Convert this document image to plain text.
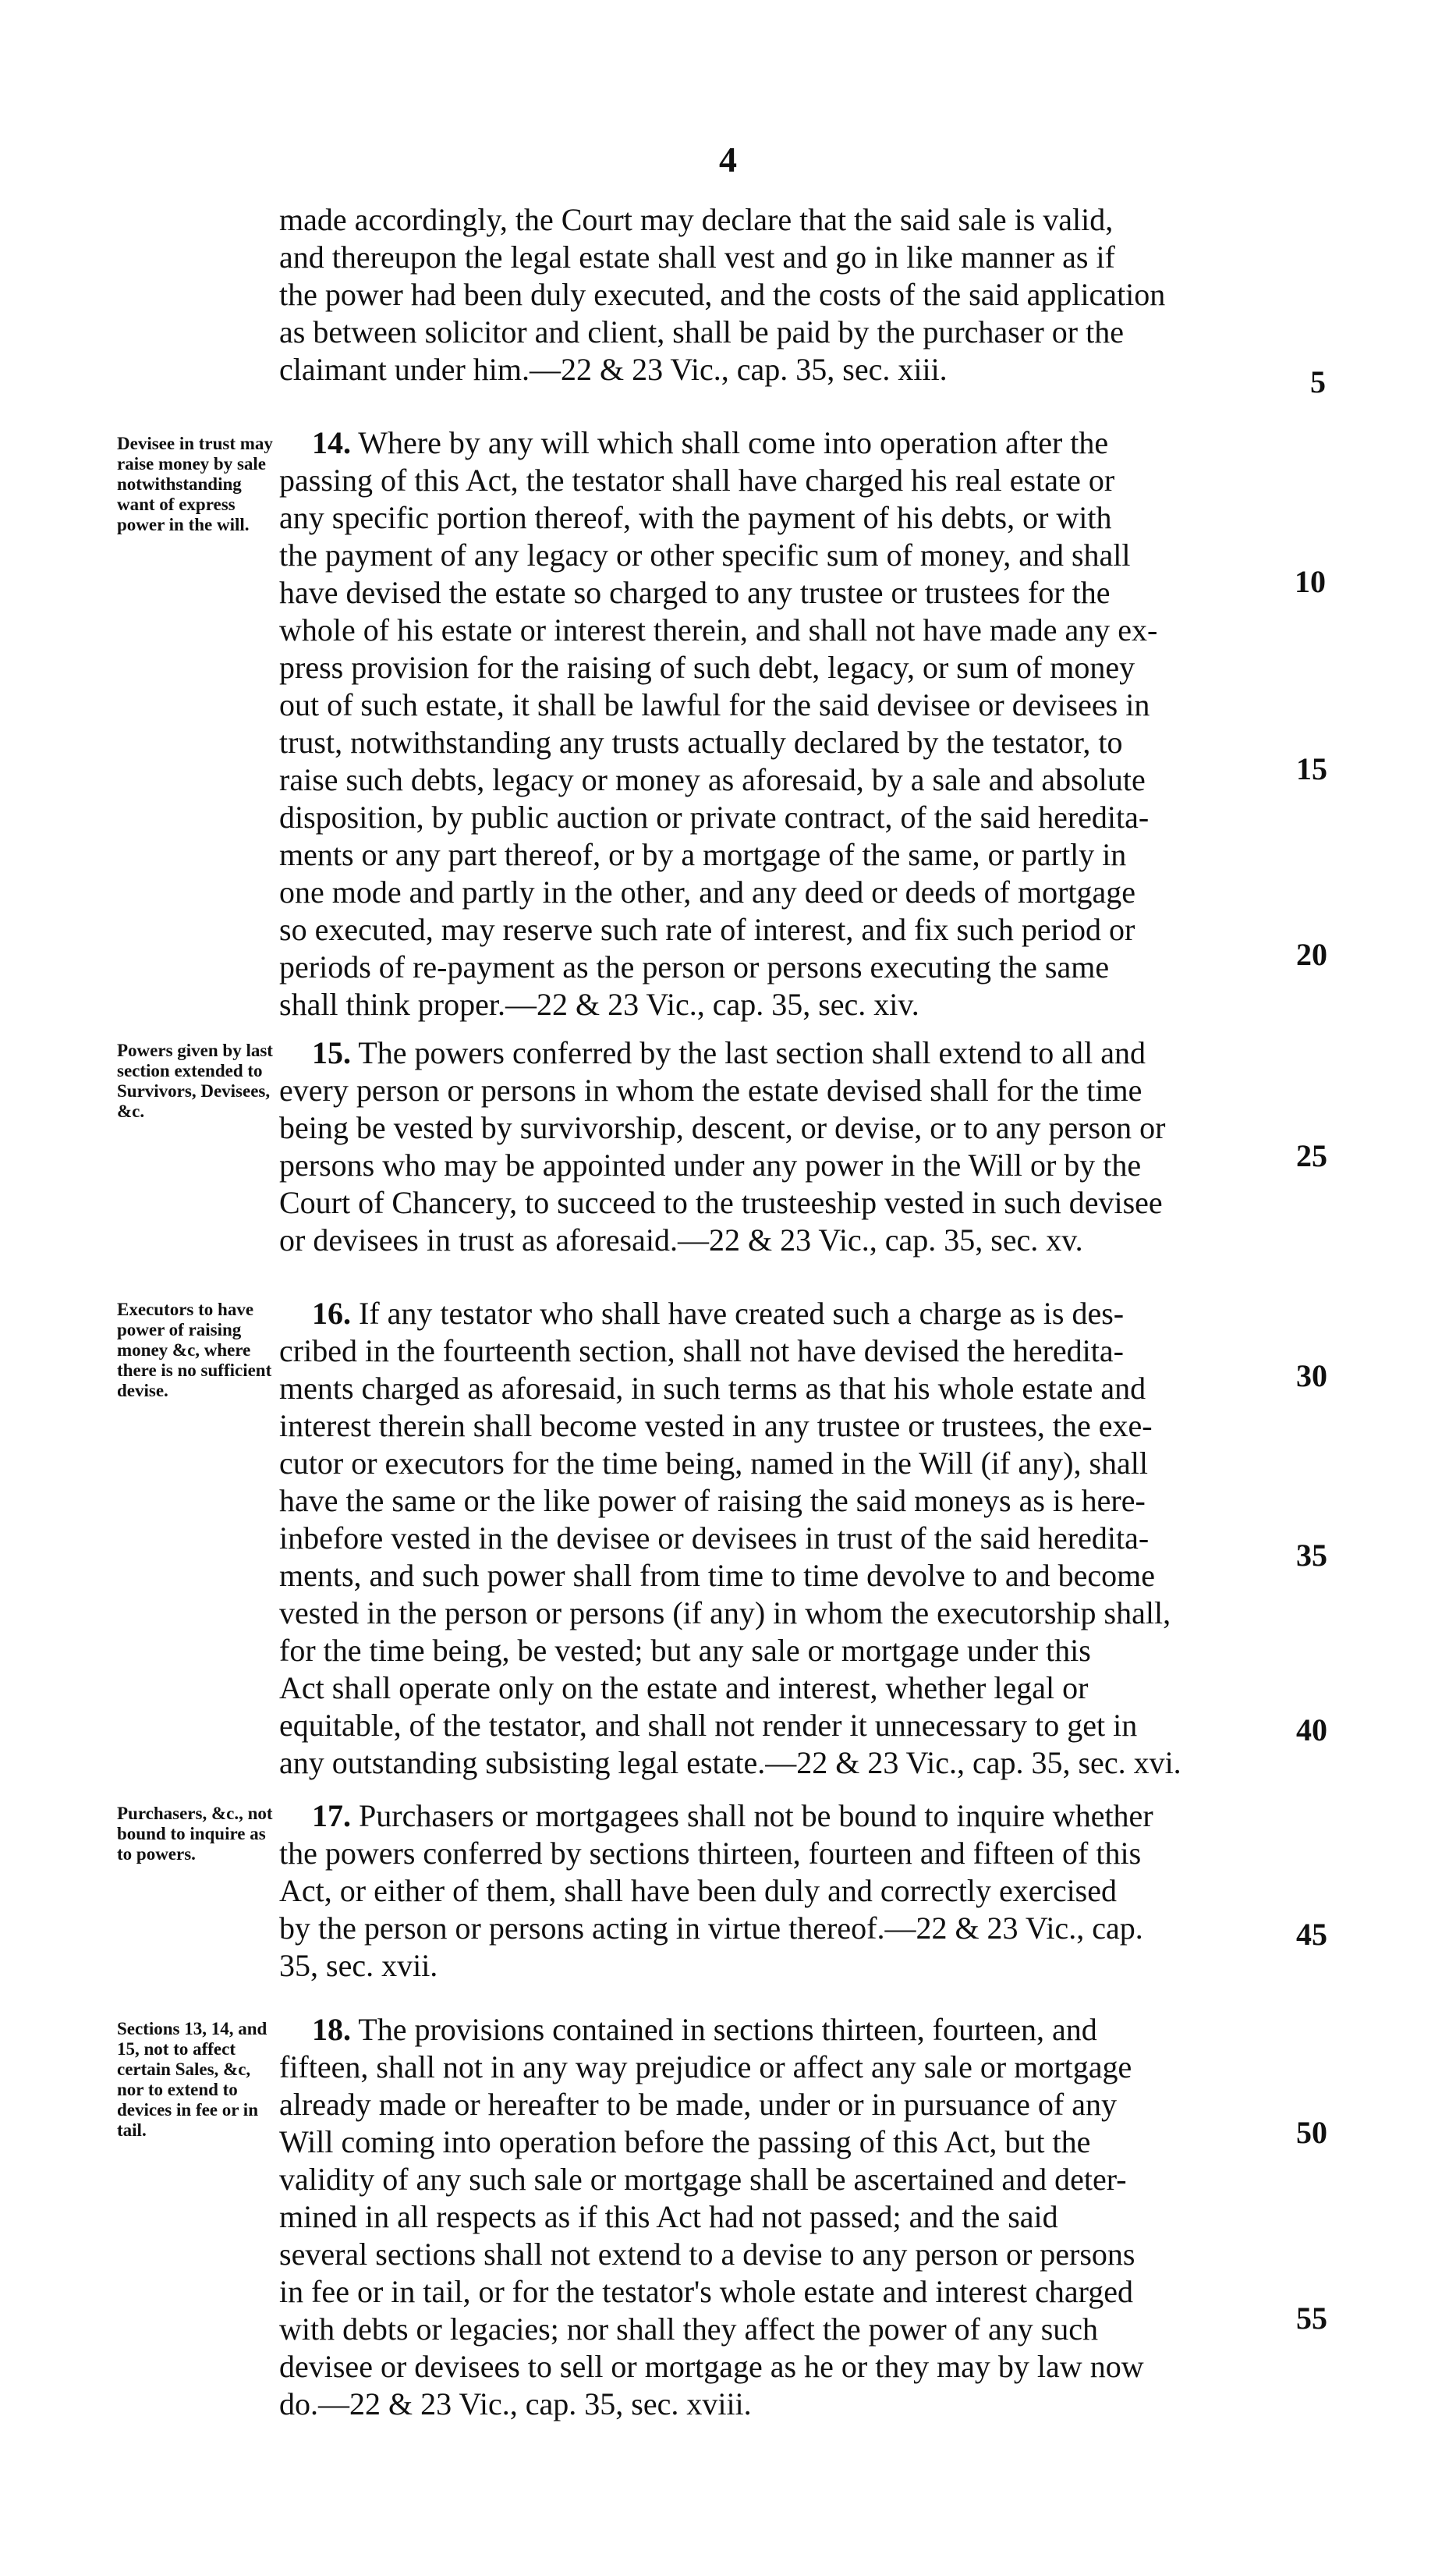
4
made accordingly, the Court may declare that the said sale is valid,
and thereupon the legal estate shall vest and go in like manner as if
the power had been duly executed, and the costs of the said application
as between solicitor and client, shall be paid by the purchaser or the
claimant under him.—22 & 23 Vic., cap. 35, sec. xiii.	5
10
15
20
25
30
35
40
45
50
55
Devisee in trust may raise money by sale notwithstanding want of express power in the will.
14. Where by any will which shall come into operation after the
passing of this Act, the testator shall have charged his real estate or
any specific portion thereof, with the payment of his debts, or with
the payment of any legacy or other specific sum of money, and shall
have devised the estate so charged to any trustee or trustees for the
whole of his estate or interest therein, and shall not have made any ex-
press provision for the raising of such debt, legacy, or sum of money
out of such estate, it shall be lawful for the said devisee or devisees in
trust, notwithstanding any trusts actually declared by the testator, to
raise such debts, legacy or money as aforesaid, by a sale and absolute
disposition, by public auction or private contract, of the said heredita-
ments or any part thereof, or by a mortgage of the same, or partly in
one mode and partly in the other, and any deed or deeds of mortgage
so executed, may reserve such rate of interest, and fix such period or
periods of re-payment as the person or persons executing the same
shall think proper.—22 & 23 Vic., cap. 35, sec. xiv.
Powers given by last section extended to Survivors, Devisees, &c.
15. The powers conferred by the last section shall extend to all and
every person or persons in whom the estate devised shall for the time
being be vested by survivorship, descent, or devise, or to any person or
persons who may be appointed under any power in the Will or by the
Court of Chancery, to succeed to the trusteeship vested in such devisee
or devisees in trust as aforesaid.—22 & 23 Vic., cap. 35, sec. xv.
Executors to have power of raising money &c, where there is no sufficient devise.
16. If any testator who shall have created such a charge as is des-
cribed in the fourteenth section, shall not have devised the heredita-
ments charged as aforesaid, in such terms as that his whole estate and
interest therein shall become vested in any trustee or trustees, the exe-
cutor or executors for the time being, named in the Will (if any), shall
have the same or the like power of raising the said moneys as is here-
inbefore vested in the devisee or devisees in trust of the said heredita-
ments, and such power shall from time to time devolve to and become
vested in the person or persons (if any) in whom the executorship shall,
for the time being, be vested; but any sale or mortgage under this
Act shall operate only on the estate and interest, whether legal or
equitable, of the testator, and shall not render it unnecessary to get in
any outstanding subsisting legal estate.—22 & 23 Vic., cap. 35, sec. xvi.
Purchasers, &c., not bound to inquire as to powers.
17. Purchasers or mortgagees shall not be bound to inquire whether
the powers conferred by sections thirteen, fourteen and fifteen of this
Act, or either of them, shall have been duly and correctly exercised
by the person or persons acting in virtue thereof.—22 & 23 Vic., cap.
35, sec. xvii.
Sections 13, 14, and 15, not to affect certain Sales, &c, nor to extend to devices in fee or in tail.
18. The provisions contained in sections thirteen, fourteen, and
fifteen, shall not in any way prejudice or affect any sale or mortgage
already made or hereafter to be made, under or in pursuance of any
Will coming into operation before the passing of this Act, but the
validity of any such sale or mortgage shall be ascertained and deter-
mined in all respects as if this Act had not passed; and the said
several sections shall not extend to a devise to any person or persons
in fee or in tail, or for the testator's whole estate and interest charged
with debts or legacies; nor shall they affect the power of any such
devisee or devisees to sell or mortgage as he or they may by law now
do.—22 & 23 Vic., cap. 35, sec. xviii.
